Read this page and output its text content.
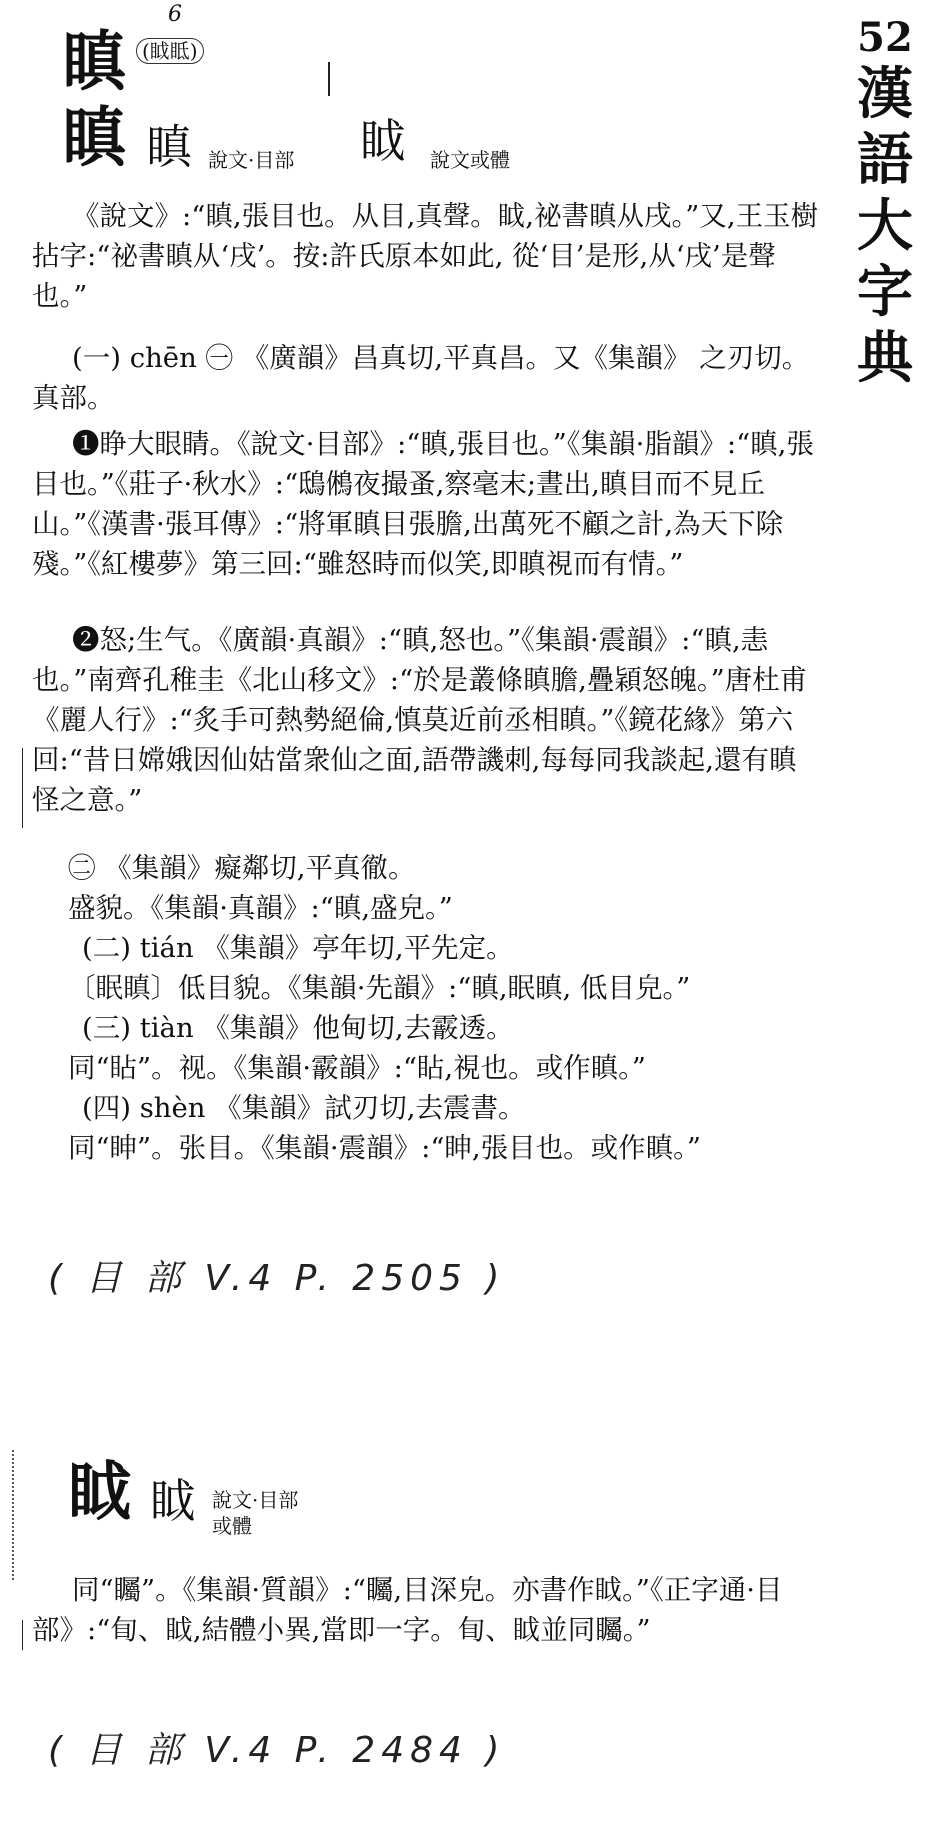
52
漢
語
大
字
典
6
瞋 (眓眡)
瞋 瞋 說文·目部 眓 說文或體
《說文》:“瞋,張目也。从目,真聲。眓,祕書瞋从戌。”又,王玉樹拈字:“祕書瞋从‘戌’。按:許氏原本如此, 從‘目’是形,从‘戌’是聲也。”
(一) chēn ㊀ 《廣韻》昌真切,平真昌。又《集韻》 之刃切。真部。
❶睁大眼睛。《說文·目部》:“瞋,張目也。”《集韻·脂韻》:“瞋,張目也。”《莊子·秋水》:“鴟鵂夜撮蚤,察毫末;晝出,瞋目而不見丘山。”《漢書·張耳傳》:“將軍瞋目張膽,出萬死不顧之計,為天下除殘。”《紅樓夢》第三回:“雖怒時而似笑,即瞋視而有情。”
❷怒;生气。《廣韻·真韻》:“瞋,怒也。”《集韻·震韻》:“瞋,恚也。”南齊孔稚圭《北山移文》:“於是叢條瞋膽,疊穎怒魄。”唐杜甫《麗人行》:“炙手可熱勢絕倫,慎莫近前丞相瞋。”《鏡花緣》第六回:“昔日嫦娥因仙姑當衆仙之面,語帶譏刺,每每同我談起,還有瞋怪之意。”
㊁ 《集韻》癡鄰切,平真徹。
盛貌。《集韻·真韻》:“瞋,盛皃。”
(二) tián 《集韻》亭年切,平先定。
〔眠瞋〕低目貌。《集韻·先韻》:“瞋,眠瞋, 低目皃。”
(三) tiàn 《集韻》他甸切,去霰透。
同“䀡”。视。《集韻·霰韻》:“䀡,視也。或作瞋。”
(四) shèn 《集韻》試刃切,去震書。
同“眒”。张目。《集韻·震韻》:“眒,張目也。或作瞋。”
( 目 部 V.4 P. 2505 )
眓 眓 說文·目部
或體
同“矚”。《集韻·質韻》:“矚,目深皃。亦書作眓。”《正字通·目部》:“䀏、眓,結體小異,當即一字。䀏、眓並同矚。”
( 目 部 V.4 P. 2484 )
